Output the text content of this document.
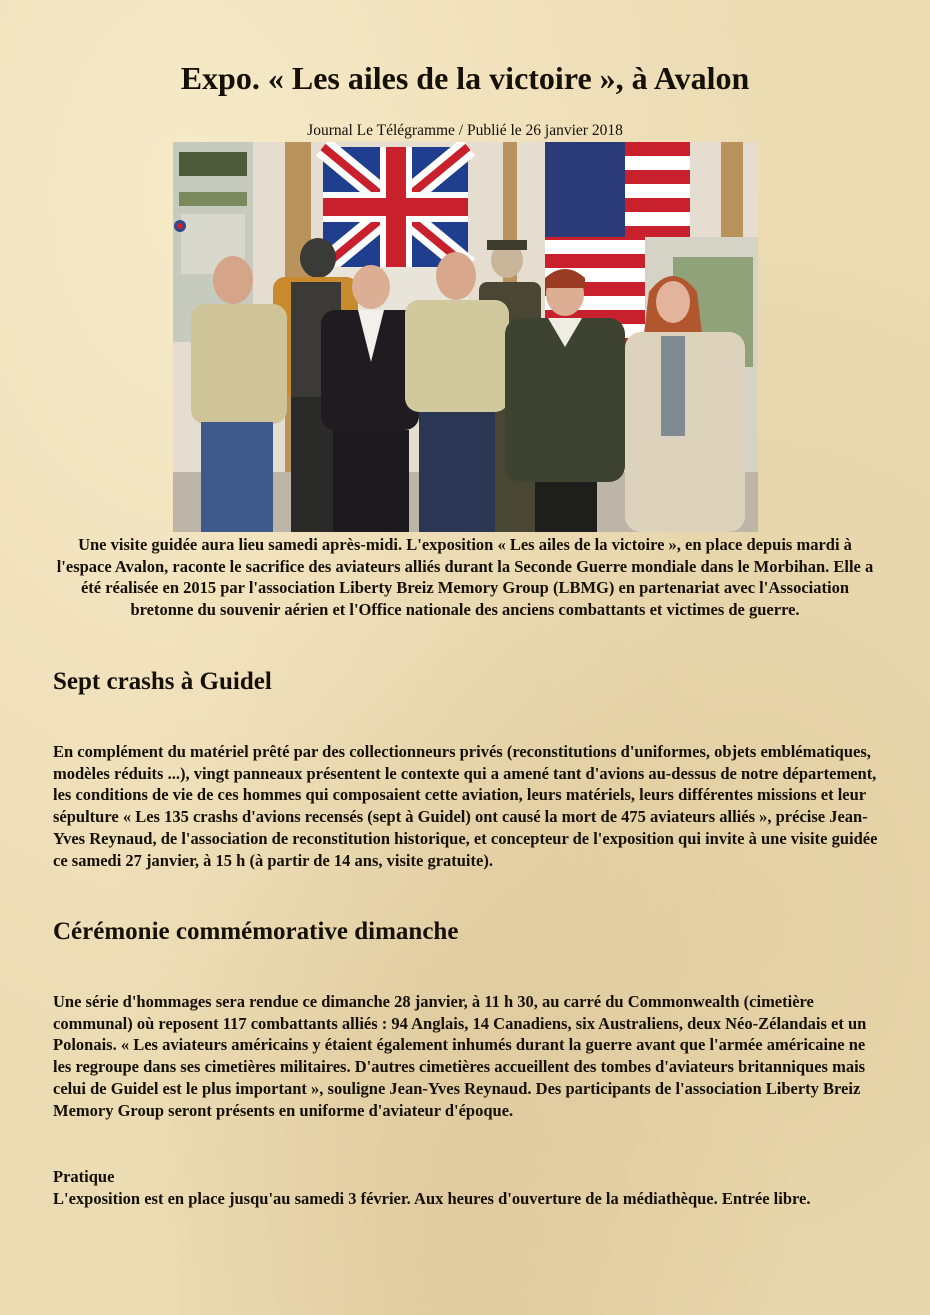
Expo. « Les ailes de la victoire », à Avalon
Journal Le Télégramme / Publié le 26 janvier 2018
Une visite guidée aura lieu samedi après-midi. L'exposition « Les ailes de la victoire », en place depuis mardi à l'espace Avalon, raconte le sacrifice des aviateurs alliés durant la Seconde Guerre mondiale dans le Morbihan. Elle a été réalisée en 2015 par l'association Liberty Breiz Memory Group (LBMG) en partenariat avec l'Association bretonne du souvenir aérien et l'Office nationale des anciens combattants et victimes de guerre.
Sept crashs à Guidel

En complément du matériel prêté par des collectionneurs privés (reconstitutions d'uniformes, objets emblématiques, modèles réduits ...), vingt panneaux présentent le contexte qui a amené tant d'avions au-dessus de notre département, les conditions de vie de ces hommes qui composaient cette aviation, leurs matériels, leurs différentes missions et leur sépulture « Les 135 crashs d'avions recensés (sept à Guidel) ont causé la mort de 475 aviateurs alliés », précise Jean-Yves Reynaud, de l'association de reconstitution historique, et concepteur de l'exposition qui invite à une visite guidée ce samedi 27 janvier, à 15 h (à partir de 14 ans, visite gratuite).

Cérémonie commémorative dimanche

Une série d'hommages sera rendue ce dimanche 28 janvier, à 11 h 30, au carré du Commonwealth (cimetière communal) où reposent 117 combattants alliés : 94 Anglais, 14 Canadiens, six Australiens, deux Néo-Zélandais et un Polonais. « Les aviateurs américains y étaient également inhumés durant la guerre avant que l'armée américaine ne les regroupe dans ses cimetières militaires. D'autres cimetières accueillent des tombes d'aviateurs britanniques mais celui de Guidel est le plus important », souligne Jean-Yves Reynaud. Des participants de l'association Liberty Breiz Memory Group seront présents en uniforme d'aviateur d'époque.

Pratique

L'exposition est en place jusqu'au samedi 3 février. Aux heures d'ouverture de la médiathèque. Entrée libre.
